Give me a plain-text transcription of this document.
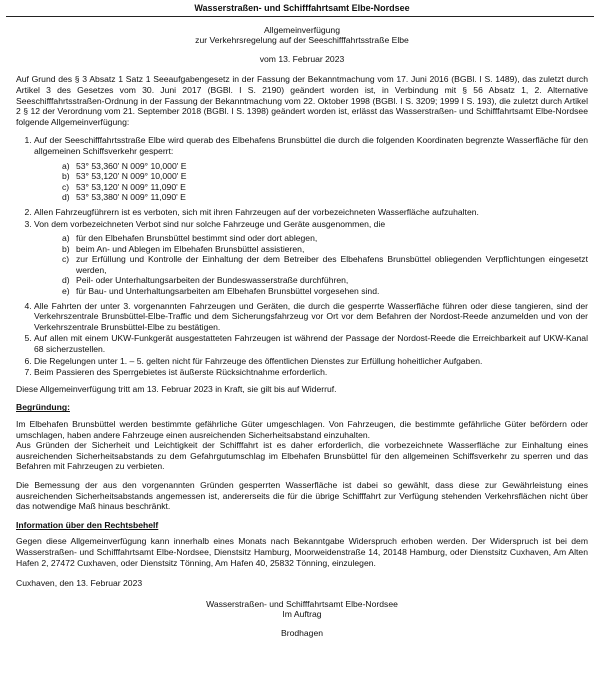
Wasserstraßen- und Schifffahrtsamt Elbe-Nordsee
Allgemeinverfügung
zur Verkehrsregelung auf der Seeschifffahrtsstraße Elbe
vom 13. Februar 2023

Auf Grund des § 3 Absatz 1 Satz 1 Seeaufgabengesetz in der Fassung der Bekanntmachung vom 17. Juni 2016 (BGBl. I S. 1489), das zuletzt durch Artikel 3 des Gesetzes vom 30. Juni 2017 (BGBl. I S. 2190) geändert worden ist, in Verbindung mit § 56 Absatz 1, 2. Alternative Seeschifffahrtsstraßen-Ordnung in der Fassung der Bekanntmachung vom 22. Oktober 1998 (BGBl. I S. 3209; 1999 I S. 193), die zuletzt durch Artikel 2 § 12 der Verordnung vom 21. September 2018 (BGBl. I S. 1398) geändert worden ist, erlässt das Wasserstraßen- und Schifffahrtsamt Elbe-Nordsee folgende Allgemeinverfügung:

1. Auf der Seeschifffahrtsstraße Elbe wird querab des Elbehafens Brunsbüttel die durch die folgenden Koordinaten begrenzte Wasserfläche für den allgemeinen Schiffsverkehr gesperrt:
a) 53° 53,360' N 009° 10,000' E
b) 53° 53,120' N 009° 10,000' E
c) 53° 53,120' N 009° 11,090' E
d) 53° 53,380' N 009° 11,090' E
2. Allen Fahrzeugführern ist es verboten, sich mit ihren Fahrzeugen auf der vorbezeichneten Wasserfläche aufzuhalten.
3. Von dem vorbezeichneten Verbot sind nur solche Fahrzeuge und Geräte ausgenommen, die
a) für den Elbehafen Brunsbüttel bestimmt sind oder dort ablegen,
b) beim An- und Ablegen im Elbehafen Brunsbüttel assistieren,
c) zur Erfüllung und Kontrolle der Einhaltung der dem Betreiber des Elbehafens Brunsbüttel obliegenden Verpflichtungen eingesetzt werden,
d) Peil- oder Unterhaltungsarbeiten der Bundeswasserstraße durchführen,
e) für Bau- und Unterhaltungsarbeiten am Elbehafen Brunsbüttel vorgesehen sind.
4. Alle Fahrten der unter 3. vorgenannten Fahrzeugen und Geräten, die durch die gesperrte Wasserfläche führen oder diese tangieren, sind der Verkehrszentrale Brunsbüttel-Elbe-Traffic und dem Sicherungsfahrzeug vor Ort vor dem Befahren der Nordost-Reede anzumelden und von der Verkehrszentrale Brunsbüttel-Elbe zu bestätigen.
5. Auf allen mit einem UKW-Funkgerät ausgestatteten Fahrzeugen ist während der Passage der Nordost-Reede die Erreichbarkeit auf UKW-Kanal 68 sicherzustellen.
6. Die Regelungen unter 1. – 5. gelten nicht für Fahrzeuge des öffentlichen Dienstes zur Erfüllung hoheitlicher Aufgaben.
7. Beim Passieren des Sperrgebietes ist äußerste Rücksichtnahme erforderlich.

Diese Allgemeinverfügung tritt am 13. Februar 2023 in Kraft, sie gilt bis auf Widerruf.

Begründung:
Im Elbehafen Brunsbüttel werden bestimmte gefährliche Güter umgeschlagen. Von Fahrzeugen, die bestimmte gefährliche Güter befördern oder umschlagen, haben andere Fahrzeuge einen ausreichenden Sicherheitsabstand einzuhalten.
Aus Gründen der Sicherheit und Leichtigkeit der Schifffahrt ist es daher erforderlich, die vorbezeichnete Wasserfläche zur Einhaltung eines ausreichenden Sicherheitsabstands zu dem Gefahrgutumschlag im Elbehafen Brunsbüttel für den allgemeinen Schiffsverkehr zu sperren und das Befahren mit Fahrzeugen zu verbieten.
Die Bemessung der aus den vorgenannten Gründen gesperrten Wasserfläche ist dabei so gewählt, dass diese zur Gewährleistung eines ausreichenden Sicherheitsabstands angemessen ist, andererseits die für die übrige Schifffahrt zur Verfügung stehenden Verkehrsflächen nicht über das notwendige Maß hinaus beschränkt.
Information über den Rechtsbehelf
Gegen diese Allgemeinverfügung kann innerhalb eines Monats nach Bekanntgabe Widerspruch erhoben werden. Der Widerspruch ist bei dem Wasserstraßen- und Schifffahrtsamt Elbe-Nordsee, Dienstsitz Hamburg, Moorweidenstraße 14, 20148 Hamburg, oder Dienstsitz Cuxhaven, Am Alten Hafen 2, 27472 Cuxhaven, oder Dienstsitz Tönning, Am Hafen 40, 25832 Tönning, einzulegen.
Cuxhaven, den 13. Februar 2023
Wasserstraßen- und Schifffahrtsamt Elbe-Nordsee
Im Auftrag
Brodhagen
